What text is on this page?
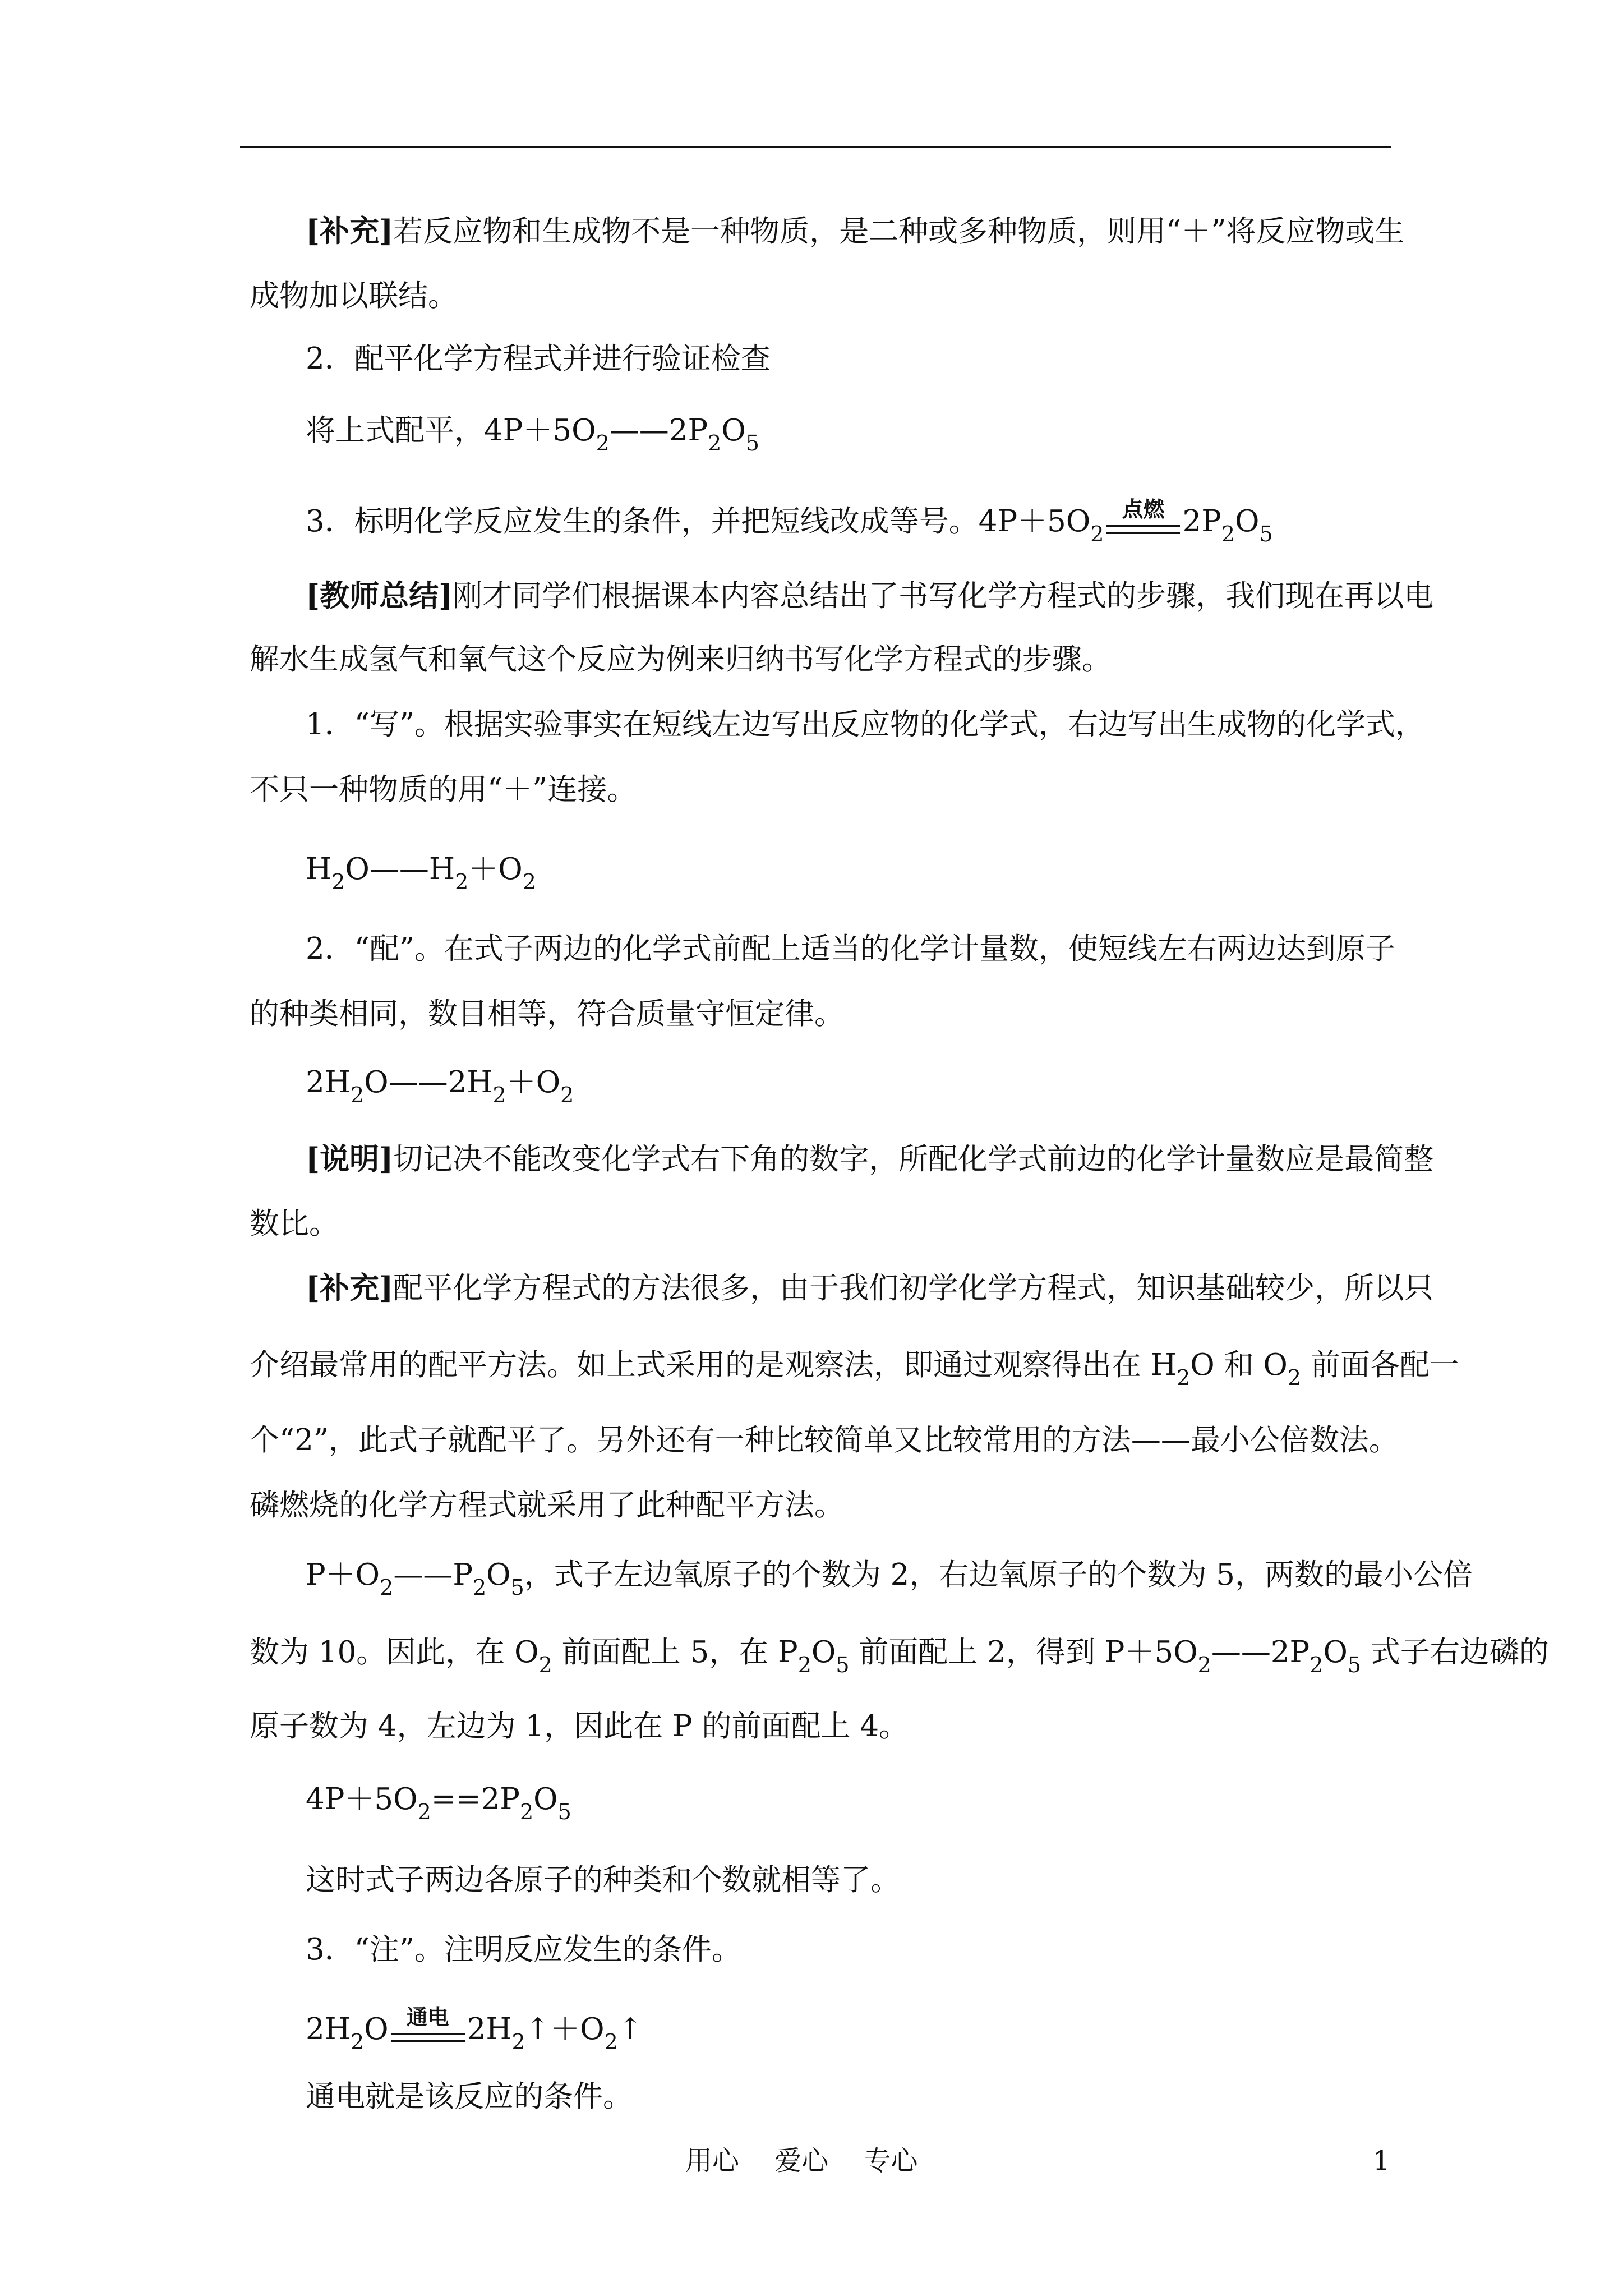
[补充]若反应物和生成物不是一种物质，是二种或多种物质，则用“＋”将反应物或生
成物加以联结。
2．配平化学方程式并进行验证检查
将上式配平，$4P+5O_2——2P_2O_5$
3．标明化学反应发生的条件，并把短线改成等号。$4P+5O_2$
点燃 $2P_2O_5$
[教师总结]刚才同学们根据课本内容总结出了书写化学方程式的步骤，我们现在再以电
解水生成氢气和氧气这个反应为例来归纳书写化学方程式的步骤。
1．“写”。根据实验事实在短线左边写出反应物的化学式，右边写出生成物的化学式，
不只一种物质的用“＋”连接。
$H_2O——H_2+O_2$
2．“配”。在式子两边的化学式前配上适当的化学计量数，使短线左右两边达到原子
的种类相同，数目相等，符合质量守恒定律。
$2H_2O——2H_2+O_2$
[说明]切记决不能改变化学式右下角的数字，所配化学式前边的化学计量数应是最简整
数比。
[补充]配平化学方程式的方法很多，由于我们初学化学方程式，知识基础较少，所以只
介绍最常用的配平方法。如上式采用的是观察法，即通过观察得出在 $H_2O$ 和 $O_2$ 前面各配一
个“2”，此式子就配平了。另外还有一种比较简单又比较常用的方法——最小公倍数法。
磷燃烧的化学方程式就采用了此种配平方法。
$P+O_2——P_2O_5$，式子左边氧原子的个数为 2，右边氧原子的个数为 5，两数的最小公倍
数为 10。因此，在 $O_2$ 前面配上 5，在 $P_2O_5$ 前面配上 2，得到 $P+5O_2——2P_2O_5$ 式子右边磷的
原子数为 4，左边为 1，因此在 P 的前面配上 4。
$4P+5O_2==2P_2O_5$
这时式子两边各原子的种类和个数就相等了。
3．“注”。注明反应发生的条件。
$2H_2O$ 通电 $2H_2↑+O_2↑$
通电就是该反应的条件。
用心　 爱心　 专心	1
